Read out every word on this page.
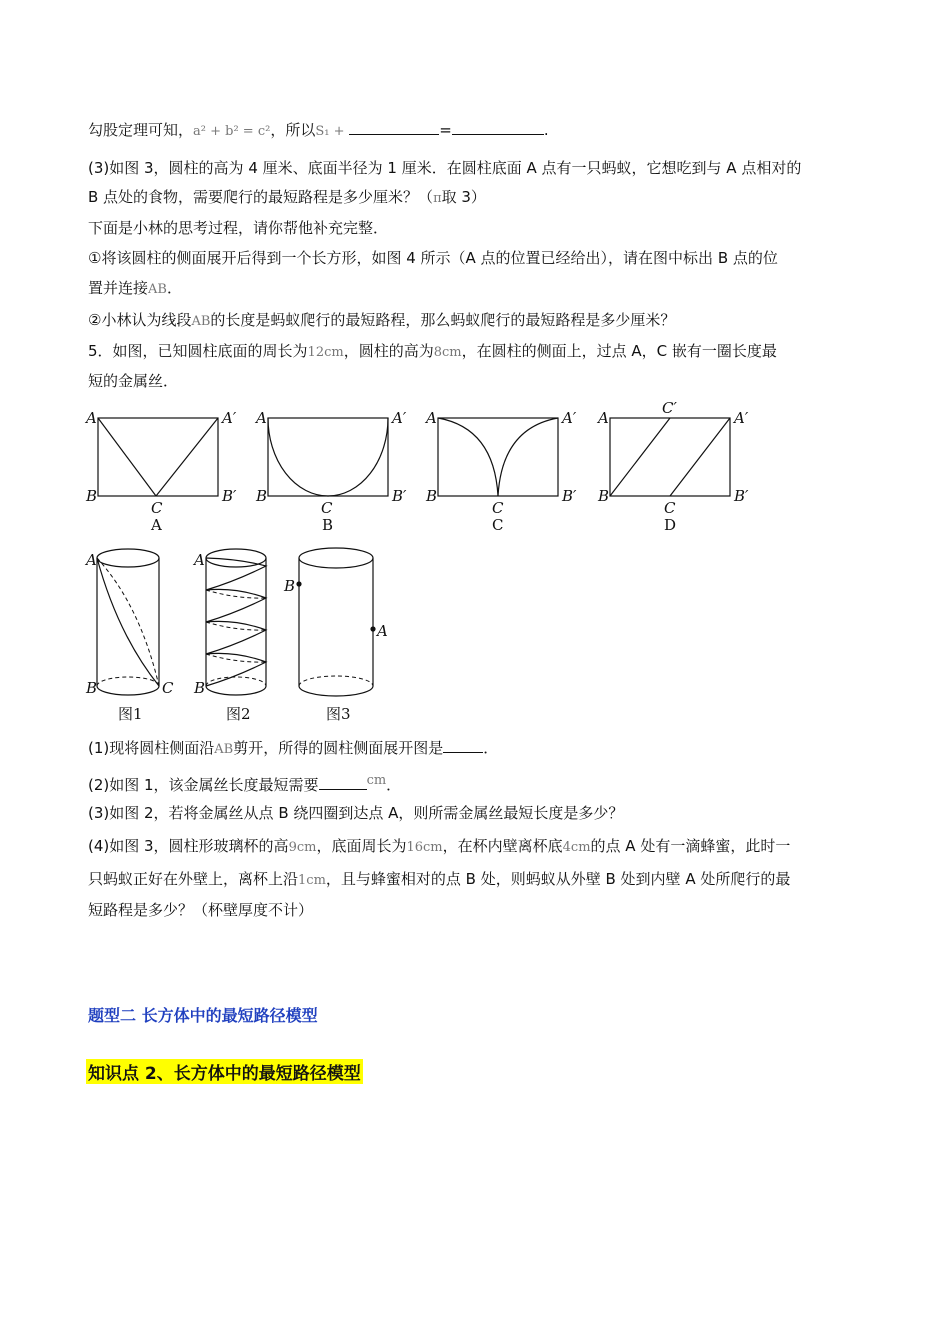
勾股定理可知，a² + b² = c²，所以S₁ +	=	.
(3)如图 3，圆柱的高为 4 厘米、底面半径为 1 厘米．在圆柱底面 A 点有一只蚂蚁，它想吃到与 A 点相对的
B 点处的食物，需要爬行的最短路程是多少厘米？（π取 3）
下面是小林的思考过程，请你帮他补充完整．
①将该圆柱的侧面展开后得到一个长方形，如图 4 所示（A 点的位置已经给出），请在图中标出 B 点的位
置并连接AB．
②小林认为线段AB的长度是蚂蚁爬行的最短路程，那么蚂蚁爬行的最短路程是多少厘米？
5．如图，已知圆柱底面的周长为12cm，圆柱的高为8cm，在圆柱的侧面上，过点 A，C 嵌有一圈长度最
短的金属丝．
A	A′
B	B′
C
A
A	A′
B	B′
C
B
A	A′
B	B′
C
C
A	A′
B	B′
C′
C
D
A
B	C
图1
A
B
图2
B
A
图3
(1)现将圆柱侧面沿AB剪开，所得的圆柱侧面展开图是	．
(2)如图 1，该金属丝长度最短需要	cm．
(3)如图 2，若将金属丝从点 B 绕四圈到达点 A，则所需金属丝最短长度是多少？
(4)如图 3，圆柱形玻璃杯的高9cm，底面周长为16cm，在杯内壁离杯底4cm的点 A 处有一滴蜂蜜，此时一
只蚂蚁正好在外壁上，离杯上沿1cm，且与蜂蜜相对的点 B 处，则蚂蚁从外壁 B 处到内壁 A 处所爬行的最
短路程是多少？（杯壁厚度不计）
题型二 长方体中的最短路径模型
知识点 2、长方体中的最短路径模型
